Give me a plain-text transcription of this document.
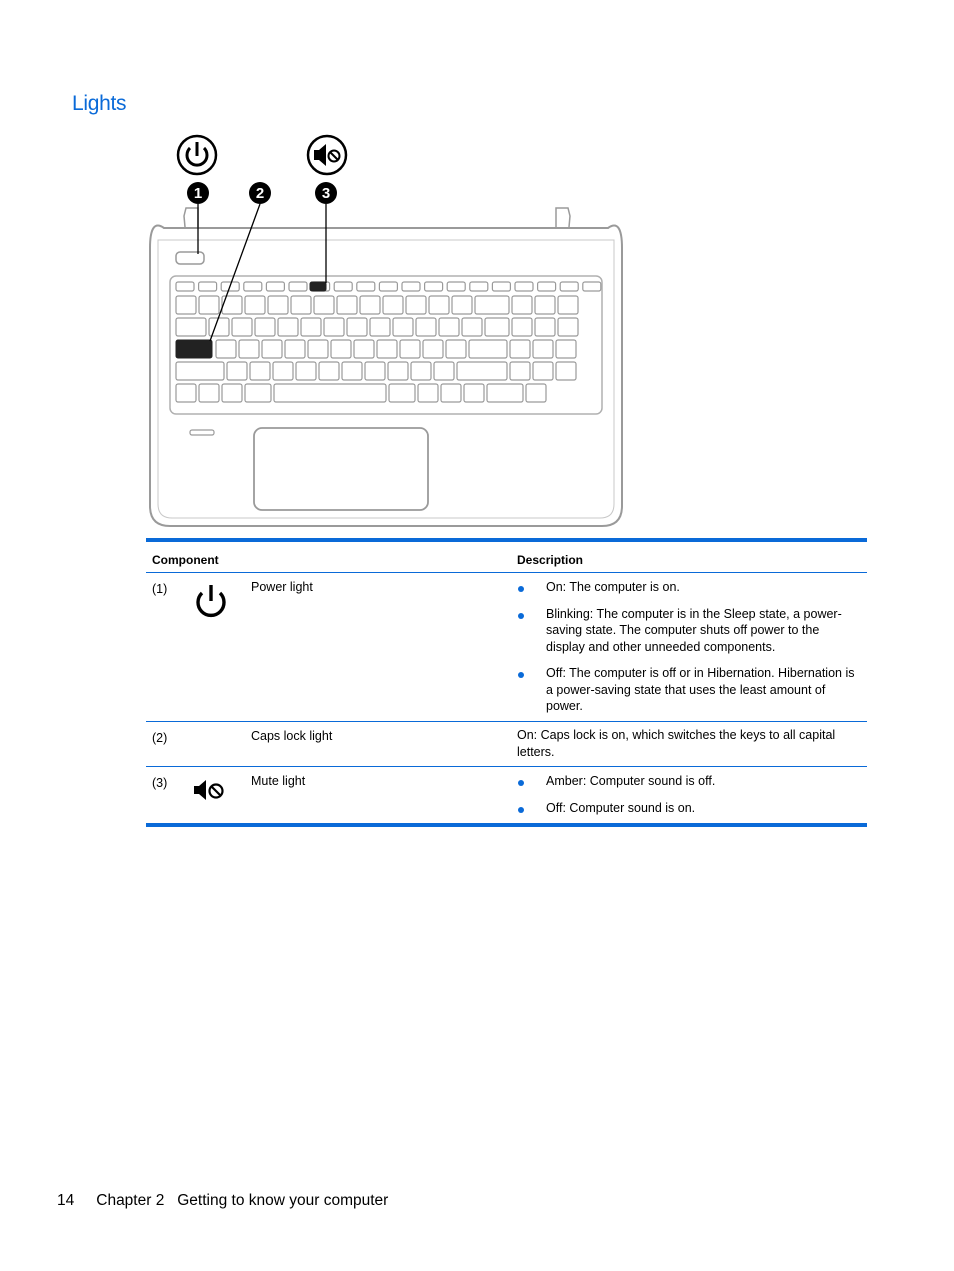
Lights
1	2	3
Component	Description
(1)	Power light	On: The computer is on.
Blinking: The computer is in the Sleep state, a power-saving state. The computer shuts off power to the display and other unneeded components.
Off: The computer is off or in Hibernation. Hibernation is a power-saving state that uses the least amount of power.
(2)	Caps lock light	On: Caps lock is on, which switches the keys to all capital letters.
(3)	Mute light	Amber: Computer sound is off.
Off: Computer sound is on.
14 Chapter 2   Getting to know your computer
